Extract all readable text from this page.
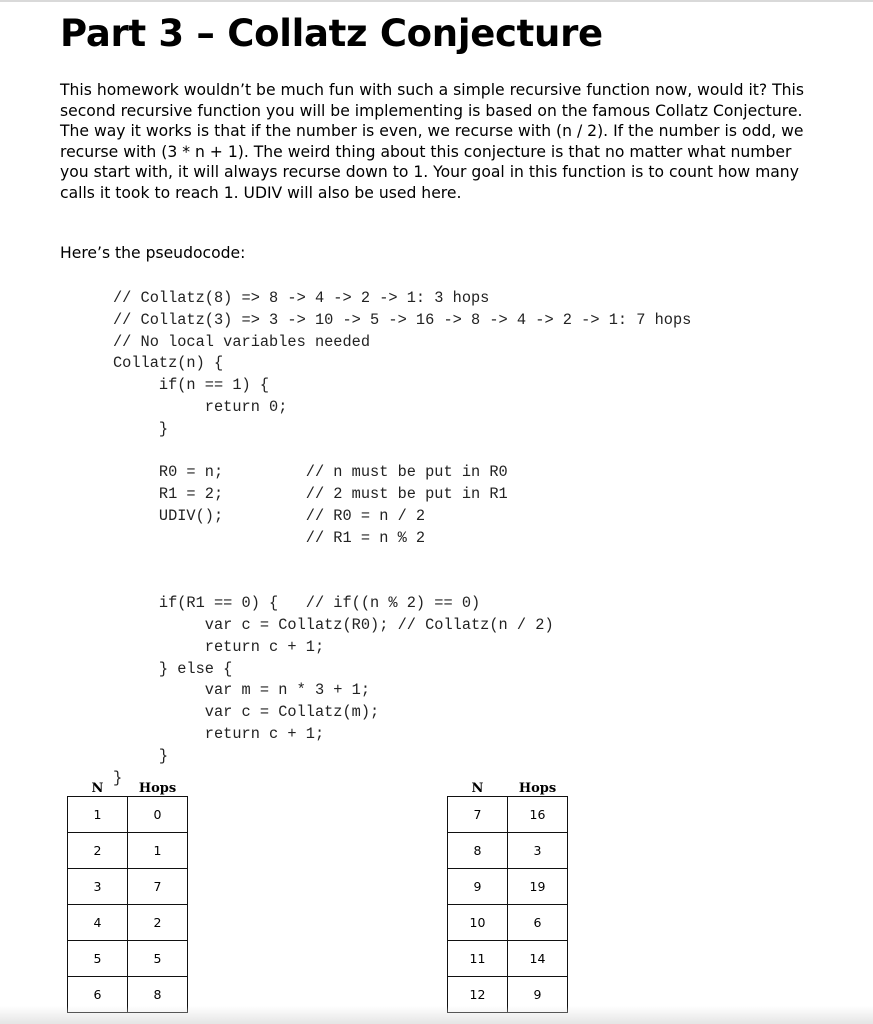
Part 3 – Collatz Conjecture

This homework wouldn’t be much fun with such a simple recursive function now, would it? This second recursive function you will be implementing is based on the famous Collatz Conjecture. The way it works is that if the number is even, we recurse with (n / 2). If the number is odd, we recurse with (3 * n + 1). The weird thing about this conjecture is that no matter what number you start with, it will always recurse down to 1. Your goal in this function is to count how many calls it took to reach 1. UDIV will also be used here.

Here’s the pseudocode:

// Collatz(8) => 8 -> 4 -> 2 -> 1: 3 hops
// Collatz(3) => 3 -> 10 -> 5 -> 16 -> 8 -> 4 -> 2 -> 1: 7 hops
// No local variables needed
Collatz(n) {
if(n == 1) {
return 0;
}

R0 = n;         // n must be put in R0
R1 = 2;         // 2 must be put in R1
UDIV();         // R0 = n / 2
// R1 = n % 2

if(R1 == 0) {   // if((n % 2) == 0)
var c = Collatz(R0); // Collatz(n / 2)
return c + 1;
} else {
var m = n * 3 + 1;
var c = Collatz(m);
return c + 1;
}
}
N	Hops
1	0
2	1
3	7
4	2
5	5
6	8
N	Hops
7	16
8	3
9	19
10	6
11	14
12	9
